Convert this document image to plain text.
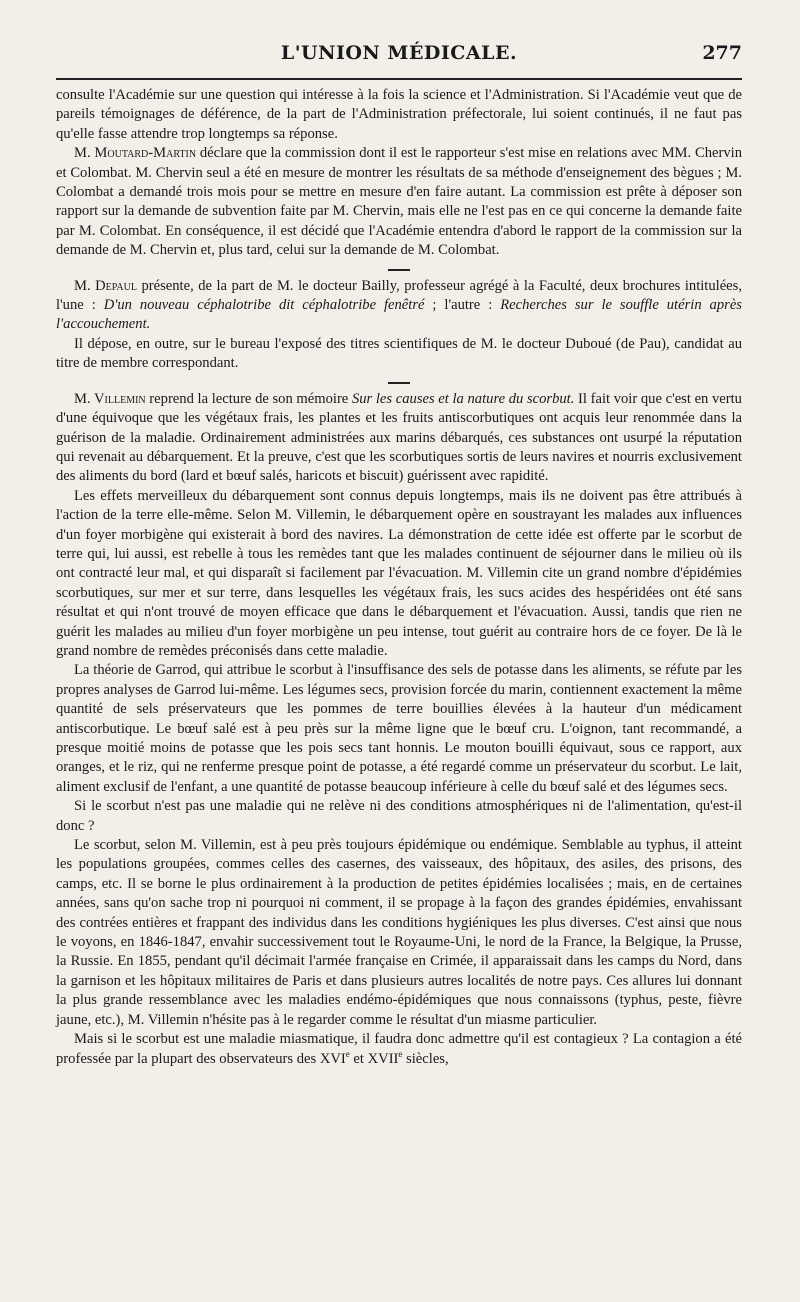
L'UNION MÉDICALE.	277

consulte l'Académie sur une question qui intéresse à la fois la science et l'Administration. Si l'Académie veut que de pareils témoignages de déférence, de la part de l'Administration préfectorale, lui soient continués, il ne faut pas qu'elle fasse attendre trop longtemps sa réponse.

M. Moutard-Martin déclare que la commission dont il est le rapporteur s'est mise en relations avec MM. Chervin et Colombat. M. Chervin seul a été en mesure de montrer les résultats de sa méthode d'enseignement des bègues ; M. Colombat a demandé trois mois pour se mettre en mesure d'en faire autant. La commission est prête à déposer son rapport sur la demande de subvention faite par M. Chervin, mais elle ne l'est pas en ce qui concerne la demande faite par M. Colombat. En conséquence, il est décidé que l'Académie entendra d'abord le rapport de la commission sur la demande de M. Chervin et, plus tard, celui sur la demande de M. Colombat.

M. Depaul présente, de la part de M. le docteur Bailly, professeur agrégé à la Faculté, deux brochures intitulées, l'une : D'un nouveau céphalotribe dit céphalotribe fenêtré ; l'autre : Recherches sur le souffle utérin après l'accouchement.

Il dépose, en outre, sur le bureau l'exposé des titres scientifiques de M. le docteur Duboué (de Pau), candidat au titre de membre correspondant.

M. Villemin reprend la lecture de son mémoire Sur les causes et la nature du scorbut. Il fait voir que c'est en vertu d'une équivoque que les végétaux frais, les plantes et les fruits antiscorbutiques ont acquis leur renommée dans la guérison de la maladie. Ordinairement administrées aux marins débarqués, ces substances ont usurpé la réputation qui revenait au débarquement. Et la preuve, c'est que les scorbutiques sortis de leurs navires et nourris exclusivement des aliments du bord (lard et bœuf salés, haricots et biscuit) guérissent avec rapidité.

Les effets merveilleux du débarquement sont connus depuis longtemps, mais ils ne doivent pas être attribués à l'action de la terre elle-même. Selon M. Villemin, le débarquement opère en soustrayant les malades aux influences d'un foyer morbigène qui existerait à bord des navires. La démonstration de cette idée est offerte par le scorbut de terre qui, lui aussi, est rebelle à tous les remèdes tant que les malades continuent de séjourner dans le milieu où ils ont contracté leur mal, et qui disparaît si facilement par l'évacuation. M. Villemin cite un grand nombre d'épidémies scorbutiques, sur mer et sur terre, dans lesquelles les végétaux frais, les sucs acides des hespéridées ont été sans résultat et qui n'ont trouvé de moyen efficace que dans le débarquement et l'évacuation. Aussi, tandis que rien ne guérit les malades au milieu d'un foyer morbigène un peu intense, tout guérit au contraire hors de ce foyer. De là le grand nombre de remèdes préconisés dans cette maladie.

La théorie de Garrod, qui attribue le scorbut à l'insuffisance des sels de potasse dans les aliments, se réfute par les propres analyses de Garrod lui-même. Les légumes secs, provision forcée du marin, contiennent exactement la même quantité de sels préservateurs que les pommes de terre bouillies élevées à la hauteur d'un médicament antiscorbutique. Le bœuf salé est à peu près sur la même ligne que le bœuf cru. L'oignon, tant recommandé, a presque moitié moins de potasse que les pois secs tant honnis. Le mouton bouilli équivaut, sous ce rapport, aux oranges, et le riz, qui ne renferme presque point de potasse, a été regardé comme un préservateur du scorbut. Le lait, aliment exclusif de l'enfant, a une quantité de potasse beaucoup inférieure à celle du bœuf salé et des légumes secs.

Si le scorbut n'est pas une maladie qui ne relève ni des conditions atmosphériques ni de l'alimentation, qu'est-il donc ?

Le scorbut, selon M. Villemin, est à peu près toujours épidémique ou endémique. Semblable au typhus, il atteint les populations groupées, commes celles des casernes, des vaisseaux, des hôpitaux, des asiles, des prisons, des camps, etc. Il se borne le plus ordinairement à la production de petites épidémies localisées ; mais, en de certaines années, sans qu'on sache trop ni pourquoi ni comment, il se propage à la façon des grandes épidémies, envahissant des contrées entières et frappant des individus dans les conditions hygiéniques les plus diverses. C'est ainsi que nous le voyons, en 1846-1847, envahir successivement tout le Royaume-Uni, le nord de la France, la Belgique, la Prusse, la Russie. En 1855, pendant qu'il décimait l'armée française en Crimée, il apparaissait dans les camps du Nord, dans la garnison et les hôpitaux militaires de Paris et dans plusieurs autres localités de notre pays. Ces allures lui donnant la plus grande ressemblance avec les maladies endémo-épidémiques que nous connaissons (typhus, peste, fièvre jaune, etc.), M. Villemin n'hésite pas à le regarder comme le résultat d'un miasme particulier.

Mais si le scorbut est une maladie miasmatique, il faudra donc admettre qu'il est contagieux ? La contagion a été professée par la plupart des observateurs des XVIe et XVIIe siècles,
